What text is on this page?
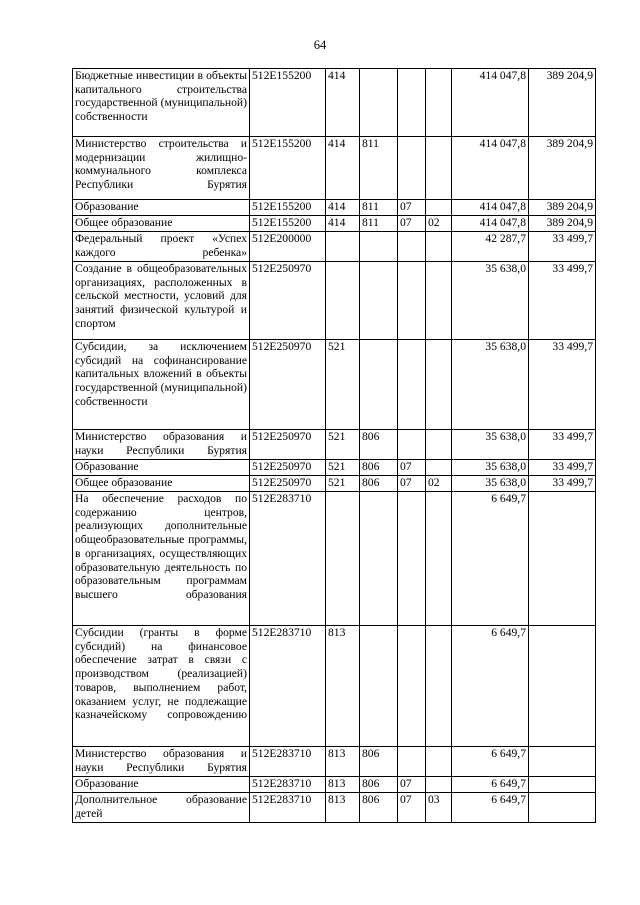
64
Бюджетные инвестиции в объекты капитального строительства государственной (муниципальной) собственности	512E155200	414				414 047,8	389 204,9
Министерство строительства и модернизации жилищно-коммунального комплекса Республики Бурятия	512E155200	414	811			414 047,8	389 204,9
Образование	512E155200	414	811	07		414 047,8	389 204,9
Общее образование	512E155200	414	811	07	02	414 047,8	389 204,9
Федеральный проект «Успех каждого ребенка»	512E200000					42 287,7	33 499,7
Создание в общеобразовательных организациях, расположенных в сельской местности, условий для занятий физической культурой и спортом	512E250970					35 638,0	33 499,7
Субсидии, за исключением субсидий на софинансирование капитальных вложений в объекты государственной (муниципальной) собственности	512E250970	521				35 638,0	33 499,7
Министерство образования и науки Республики Бурятия	512E250970	521	806			35 638,0	33 499,7
Образование	512E250970	521	806	07		35 638,0	33 499,7
Общее образование	512E250970	521	806	07	02	35 638,0	33 499,7
На обеспечение расходов по содержанию центров, реализующих дополнительные общеобразовательные программы, в организациях, осуществляющих образовательную деятельность по образовательным программам высшего образования	512E283710					6 649,7	
Субсидии (гранты в форме субсидий) на финансовое обеспечение затрат в связи с производством (реализацией) товаров, выполнением работ, оказанием услуг, не подлежащие казначейскому сопровождению	512E283710	813				6 649,7	
Министерство образования и науки Республики Бурятия	512E283710	813	806			6 649,7	
Образование	512E283710	813	806	07		6 649,7	
Дополнительное образование детей	512E283710	813	806	07	03	6 649,7	
